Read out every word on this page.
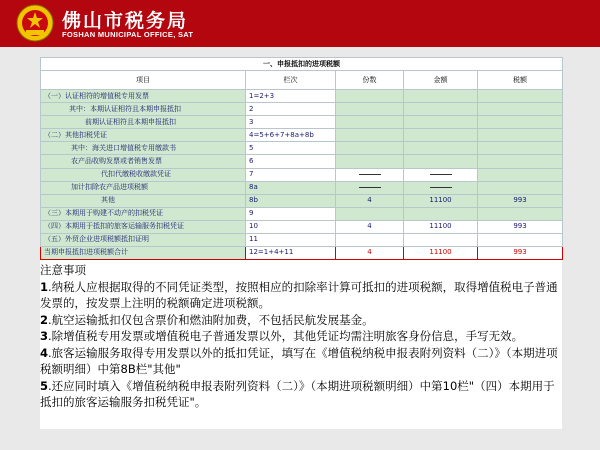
佛山市税务局
FOSHAN MUNICIPAL OFFICE, SAT
一、申报抵扣的进项税额				
项目	栏次	份数	金额	税额
（一）认证相符的增值税专用发票	1=2+3			
其中：本期认证相符且本期申报抵扣	2			
前期认证相符且本期申报抵扣	3			
（二）其他扣税凭证	4=5+6+7+8a+8b			
其中：海关进口增值税专用缴款书	5			
农产品收购发票或者销售发票	6			
代扣代缴税收缴款凭证	7			
加计扣除农产品进项税额	8a			
其他	8b	4	11100	993
（三）本期用于购建不动产的扣税凭证	9			
（四）本期用于抵扣的旅客运输服务扣税凭证	10	4	11100	993
（五）外贸企业进项税额抵扣证明	11			
当期申报抵扣进项税额合计	12=1+4+11	4	11100	993

注意事项

1.纳税人应根据取得的不同凭证类型，按照相应的扣除率计算可抵扣的进项税额，取得增值税电子普通发票的，按发票上注明的税额确定进项税额。

2.航空运输抵扣仅包含票价和燃油附加费，不包括民航发展基金。

3.除增值税专用发票或增值税电子普通发票以外，其他凭证均需注明旅客身份信息，手写无效。

4.旅客运输服务取得专用发票以外的抵扣凭证，填写在《增值税纳税申报表附列资料（二）》（本期进项税额明细）中第8B栏"其他"

5.还应同时填入《增值税纳税申报表附列资料（二）》（本期进项税额明细）中第10栏"（四）本期用于抵扣的旅客运输服务扣税凭证"。
